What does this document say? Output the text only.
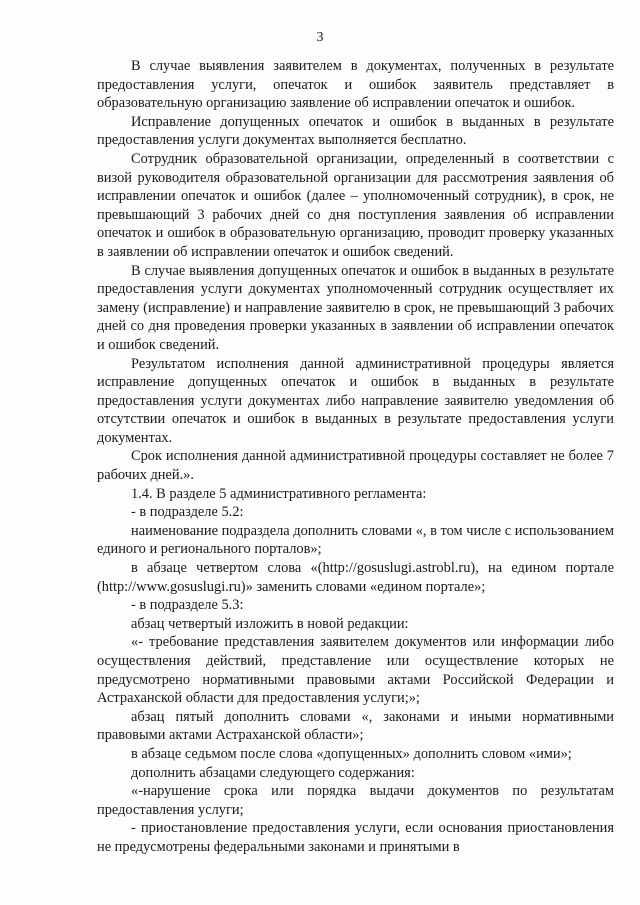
3

В случае выявления заявителем в документах, полученных в результате предоставления услуги, опечаток и ошибок заявитель представляет в образовательную организацию заявление об исправлении опечаток и ошибок.

Исправление допущенных опечаток и ошибок в выданных в результате предоставления услуги документах выполняется бесплатно.

Сотрудник образовательной организации, определенный в соответствии с визой руководителя образовательной организации для рассмотрения заявления об исправлении опечаток и ошибок (далее – уполномоченный сотрудник), в срок, не превышающий 3 рабочих дней со дня поступления заявления об исправлении опечаток и ошибок в образовательную организацию, проводит проверку указанных в заявлении об исправлении опечаток и ошибок сведений.

В случае выявления допущенных опечаток и ошибок в выданных в результате предоставления услуги документах уполномоченный сотрудник осуществляет их замену (исправление) и направление заявителю в срок, не превышающий 3 рабочих дней со дня проведения проверки указанных в заявлении об исправлении опечаток и ошибок сведений.

Результатом исполнения данной административной процедуры является исправление допущенных опечаток и ошибок в выданных в результате предоставления услуги документах либо направление заявителю уведомления об отсутствии опечаток и ошибок в выданных в результате предоставления услуги документах.

Срок исполнения данной административной процедуры составляет не более 7 рабочих дней.».

1.4. В разделе 5 административного регламента:

- в подразделе 5.2:

наименование подраздела дополнить словами «, в том числе с использованием единого и регионального порталов»;

в абзаце четвертом слова «(http://gosuslugi.astrobl.ru), на едином портале (http://www.gosuslugi.ru)» заменить словами «едином портале»;

- в подразделе 5.3:

абзац четвертый изложить в новой редакции:

«- требование представления заявителем документов или информации либо осуществления действий, представление или осуществление которых не предусмотрено нормативными правовыми актами Российской Федерации и Астраханской области для предоставления услуги;»;

абзац пятый дополнить словами «, законами и иными нормативными правовыми актами Астраханской области»;

в абзаце седьмом после слова «допущенных» дополнить словом «ими»;

дополнить абзацами следующего содержания:

«-нарушение срока или порядка выдачи документов по результатам предоставления услуги;

- приостановление предоставления услуги, если основания приостановления не предусмотрены федеральными законами и принятыми в
